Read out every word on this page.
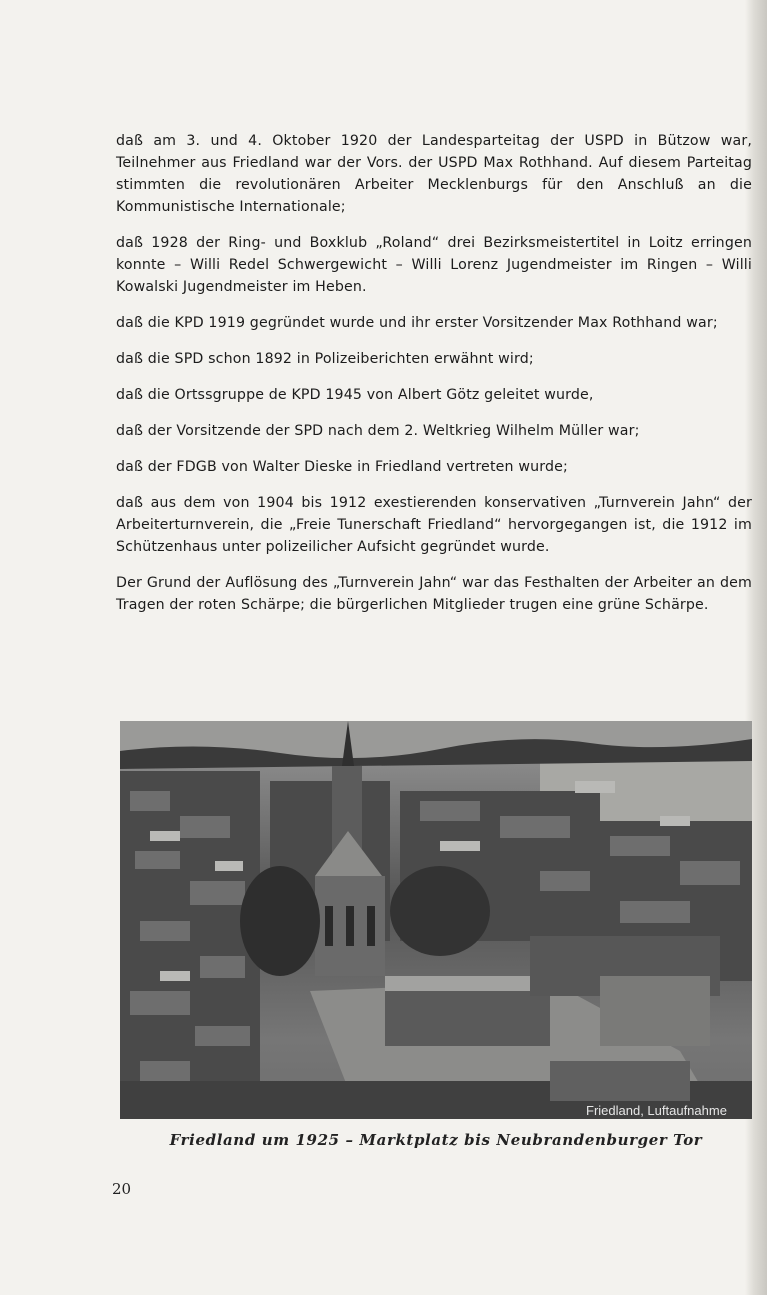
daß am 3. und 4. Oktober 1920 der Landesparteitag der USPD in Bützow war, Teilnehmer aus Friedland war der Vors. der USPD Max Rothhand. Auf diesem Parteitag stimmten die revolutionären Arbeiter Mecklenburgs für den Anschluß an die Kommunistische Internationale;

daß 1928 der Ring- und Boxklub „Roland“ drei Bezirksmeistertitel in Loitz erringen konnte – Willi Redel Schwergewicht – Willi Lorenz Jugendmeister im Ringen – Willi Kowalski Jugendmeister im Heben.

daß die KPD 1919 gegründet wurde und ihr erster Vorsitzender Max Rothhand war;

daß die SPD schon 1892 in Polizeiberichten erwähnt wird;

daß die Ortssgruppe de KPD 1945 von Albert Götz geleitet wurde,

daß der Vorsitzende der SPD nach dem 2. Weltkrieg Wilhelm Müller war;

daß der FDGB von Walter Dieske in Friedland vertreten wurde;

daß aus dem von 1904 bis 1912 exestierenden konservativen „Turnverein Jahn“ der Arbeiterturnverein, die „Freie Tunerschaft Friedland“ hervorgegangen ist, die 1912 im Schützenhaus unter polizeilicher Aufsicht gegründet wurde.

Der Grund der Auflösung des „Turnverein Jahn“ war das Festhalten der Arbeiter an dem Tragen der roten Schärpe; die bürgerlichen Mitglieder trugen eine grüne Schärpe.

Friedland, Luftaufnahme
Friedland um 1925 – Marktplatz bis Neubrandenburger Tor
20
